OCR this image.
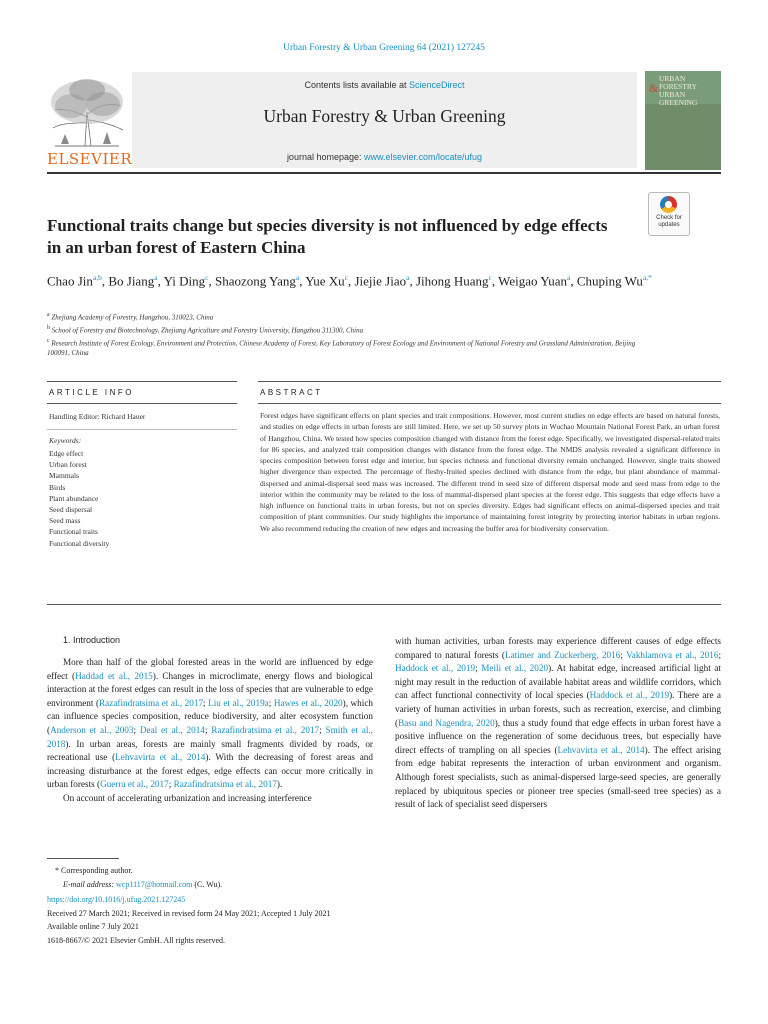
Urban Forestry & Urban Greening 64 (2021) 127245
ELSEVIER
Contents lists available at ScienceDirect
Urban Forestry & Urban Greening
journal homepage: www.elsevier.com/locate/ufug
URBAN
FORESTRY
URBAN
GREENING
&
Functional traits change but species diversity is not influenced by edge effects in an urban forest of Eastern China
Check for
updates
Chao Jin$^{a,b}$, Bo Jiang$^a$, Yi Ding$^c$, Shaozong Yang$^a$, Yue Xu$^c$, Jiejie Jiao$^a$, Jihong Huang$^c$, Weigao Yuan$^a$, Chuping $Wu^{a,*}$
$^a$ Zhejiang Academy of Forestry, Hangzhou, 310023, China
$^b$ School of Forestry and Biotechnology, Zhejiang Agriculture and Forestry University, Hangzhou 311300, China
$^c$ Research Institute of Forest Ecology, Environment and Protection, Chinese Academy of Forest, Key Laboratory of Forest Ecology and Environment of National Forestry and Grassland Administration, Beijing 100091, China
ARTICLE INFO
Handling Editor: Richard Hauer
Keywords:
Edge effect
Urban forest
Mammals
Birds
Plant abundance
Seed dispersal
Seed mass
Functional traits
Functional diversity
ABSTRACT
Forest edges have significant effects on plant species and trait compositions. However, most current studies on edge effects are based on natural forests, and studies on edge effects in urban forests are still limited. Here, we set up 50 survey plots in Wuchao Mountain National Forest Park, an urban forest of Hangzhou, China. We tested how species composition changed with distance from the forest edge. Specifically, we investigated dispersal-related traits for 86 species, and analyzed trait composition changes with distance from the forest edge. The NMDS analysis revealed a significant difference in species composition between forest edge and interior, but species richness and functional diversity remain unchanged. However, single traits showed higher divergence than expected. The percentage of fleshy-fruited species declined with distance from the edge, but plant abundance of mammal-dispersed and animal-dispersal seed mass was increased. The different trend in seed size of different dispersal mode and seed mass from edge to the interior within the community may be related to the loss of mammal-dispersed plant species at the forest edge. This suggests that edge effects have a high influence on functional traits in urban forests, but not on species diversity. Edges had significant effects on animal-dispersed species and trait composition of plant communities. Our study highlights the importance of maintaining forest integrity by protecting interior habitats in urban regions. We also recommend reducing the creation of new edges and increasing the buffer area for biodiversity conservation.
1. Introduction

More than half of the global forested areas in the world are influenced by edge effect (Haddad et al., 2015). Changes in microclimate, energy flows and biological interaction at the forest edges can result in the loss of species that are vulnerable to edge environment (Razafindratsima et al., 2017; Liu et al., 2019a; Hawes et al., 2020), which can influence species composition, reduce biodiversity, and alter ecosystem function (Anderson et al., 2003; Deal et al., 2014; Razafindratsima et al., 2017; Smith et al., 2018). In urban areas, forests are mainly small fragments divided by roads, or recreational use (Lehvavirta et al., 2014). With the decreasing of forest areas and increasing disturbance at the forest edges, edge effects can occur more critically in urban forests (Guerra et al., 2017; Razafindratsima et al., 2017).

On account of accelerating urbanization and increasing interference

with human activities, urban forests may experience different causes of edge effects compared to natural forests (Latimer and Zuckerberg, 2016; Vakhlamova et al., 2016; Haddock et al., 2019; Meili et al., 2020). At habitat edge, increased artificial light at night may result in the reduction of available habitat areas and wildlife corridors, which can affect functional connectivity of local species (Haddock et al., 2019). There are a variety of human activities in urban forests, such as recreation, exercise, and climbing (Basu and Nagendra, 2020), thus a study found that edge effects in urban forest have a positive influence on the regeneration of some deciduous trees, but especially have direct effects of trampling on all species (Lehvavirta et al., 2014). The effect arising from edge habitat represents the interaction of urban environment and organism. Although forest specialists, such as animal-dispersed large-seed species, are generally replaced by ubiquitous species or pioneer tree species (small-seed tree species) as a result of lack of specialist seed dispersers

* Corresponding author.
E-mail address: wcp1117@hotmail.com (C. Wu).
https://doi.org/10.1016/j.ufug.2021.127245
Received 27 March 2021; Received in revised form 24 May 2021; Accepted 1 July 2021
Available online 7 July 2021
1618-8667/© 2021 Elsevier GmbH. All rights reserved.
